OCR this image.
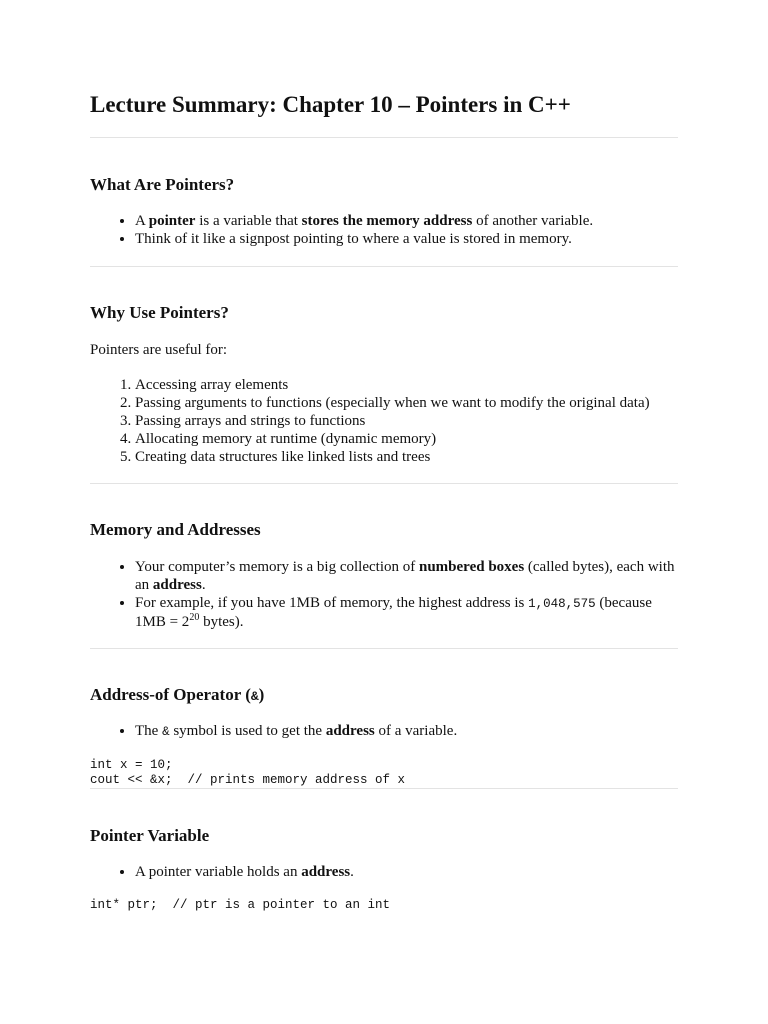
Lecture Summary: Chapter 10 – Pointers in C++
What Are Pointers?
• A pointer is a variable that stores the memory address of another variable.
• Think of it like a signpost pointing to where a value is stored in memory.
Why Use Pointers?

Pointers are useful for:

1. Accessing array elements
2. Passing arguments to functions (especially when we want to modify the original data)
3. Passing arrays and strings to functions
4. Allocating memory at runtime (dynamic memory)
5. Creating data structures like linked lists and trees
Memory and Addresses
• Your computer’s memory is a big collection of numbered boxes (called bytes), each with an address.
• For example, if you have 1MB of memory, the highest address is 1,048,575 (because $1MB = 2^{20}$ bytes).
Address-of Operator (&)
• The & symbol is used to get the address of a variable.
int x = 10;
cout << &x;  // prints memory address of x
Pointer Variable
• A pointer variable holds an address.
int* ptr;  // ptr is a pointer to an int
